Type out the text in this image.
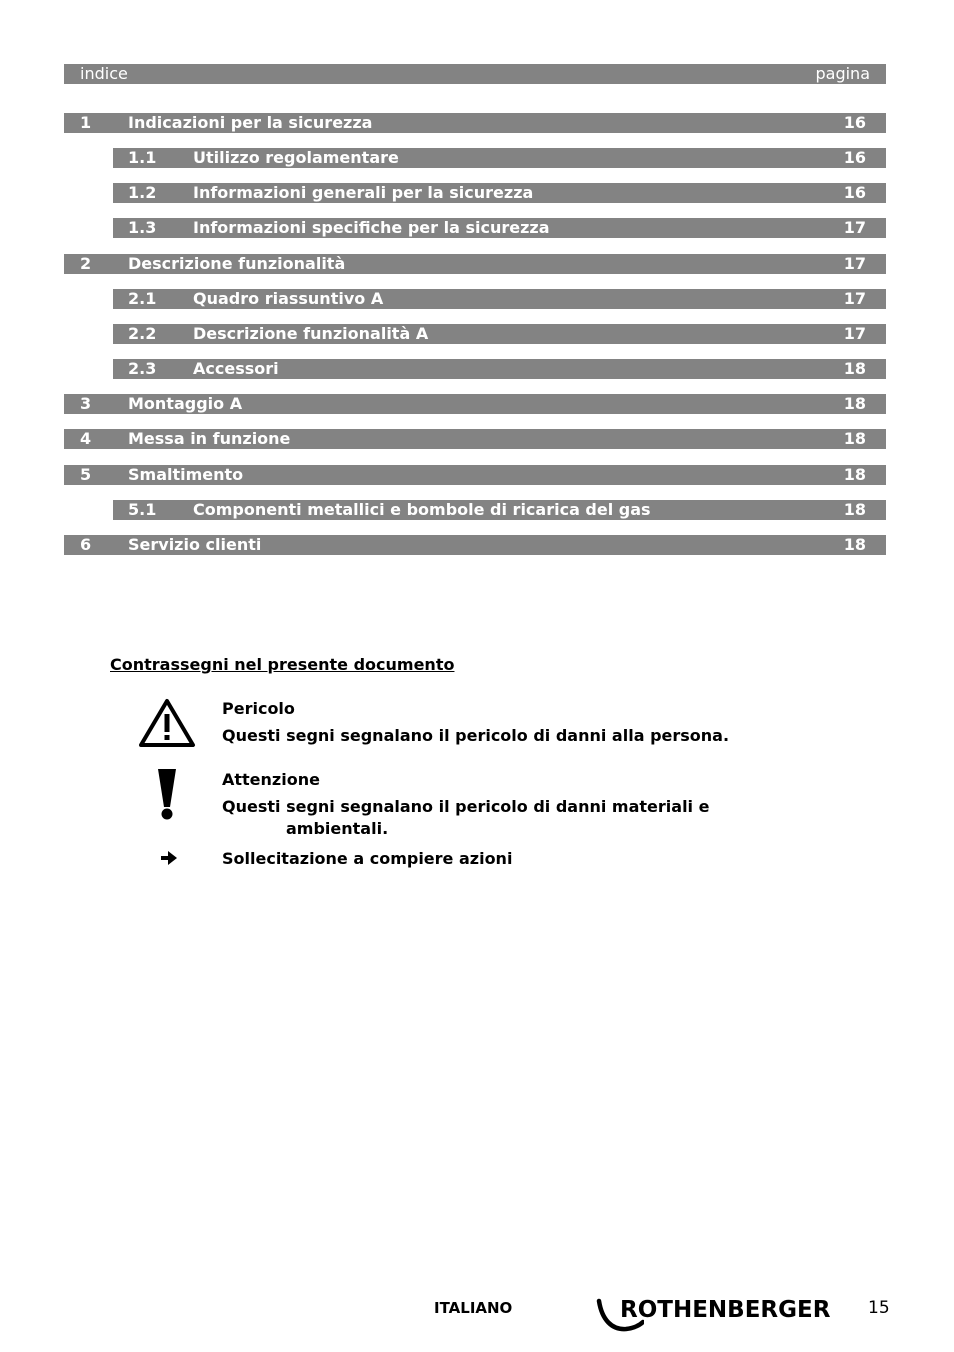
indice	pagina
1 Indicazioni per la sicurezza	16
1.1 Utilizzo regolamentare	16
1.2 Informazioni generali per la sicurezza	16
1.3 Informazioni specifiche per la sicurezza	17
2 Descrizione funzionalità	17
2.1 Quadro riassuntivo A	17
2.2 Descrizione funzionalità A	17
2.3 Accessori	18
3 Montaggio A	18
4 Messa in funzione	18
5 Smaltimento	18
5.1 Componenti metallici e bombole di ricarica del gas	18
6 Servizio clienti	18
Contrassegni nel presente documento
Pericolo
Questi segni segnalano il pericolo di danni alla persona.
Attenzione
Questi segni segnalano il pericolo di danni materiali e
ambientali.
Sollecitazione a compiere azioni
ITALIANO	ROTHENBERGER 15
